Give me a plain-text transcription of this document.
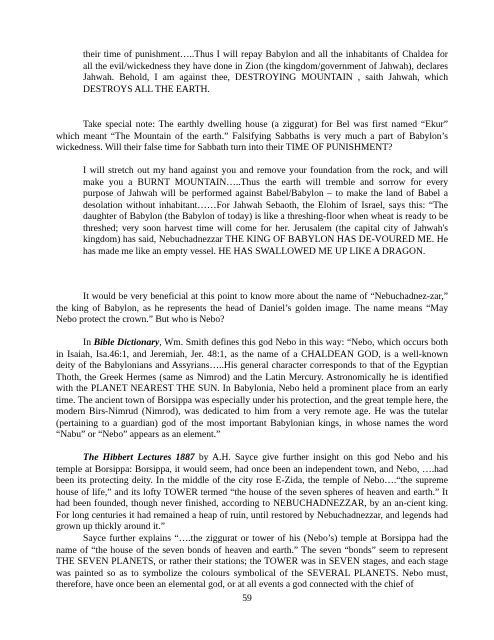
their time of punishment…..Thus I will repay Babylon and all the inhabitants of Chaldea for all the evil/wickedness they have done in Zion (the kingdom/government of Jahwah), declares Jahwah. Behold, I am against thee, DESTROYING MOUNTAIN , saith Jahwah, which DESTROYS ALL THE EARTH.

Take special note: The earthly dwelling house (a ziggurat) for Bel was first named “Ekur” which meant “The Mountain of the earth.” Falsifying Sabbaths is very much a part of Babylon’s wickedness. Will their false time for Sabbath turn into their TIME OF PUNISHMENT?

I will stretch out my hand against you and remove your foundation from the rock, and will make you a BURNT MOUNTAIN…..Thus the earth will tremble and sorrow for every purpose of Jahwah will be performed against Babel/Babylon – to make the land of Babel a desolation without inhabitant……For Jahwah Sebaoth, the Elohim of Israel, says this: “The daughter of Babylon (the Babylon of today) is like a threshing-floor when wheat is ready to be threshed; very soon harvest time will come for her. Jerusalem (the capital city of Jahwah's kingdom) has said, Nebuchadnezzar THE KING OF BABYLON HAS DE-VOURED ME. He has made me like an empty vessel. HE HAS SWALLOWED ME UP LIKE A DRAGON.

It would be very beneficial at this point to know more about the name of “Nebuchadnez-zar,” the king of Babylon, as he represents the head of Daniel’s golden image. The name means “May Nebo protect the crown.” But who is Nebo?

In Bible Dictionary, Wm. Smith defines this god Nebo in this way: “Nebo, which occurs both in Isaiah, Isa.46:1, and Jeremiah, Jer. 48:1, as the name of a CHALDEAN GOD, is a well-known deity of the Babylonians and Assyrians…..His general character corresponds to that of the Egyptian Thoth, the Greek Hermes (same as Nimrod) and the Latin Mercury. Astronomically he is identified with the PLANET NEAREST THE SUN. In Babylonia, Nebo held a prominent place from an early time. The ancient town of Borsippa was especially under his protection, and the great temple here, the modern Birs-Nimrud (Nimrod), was dedicated to him from a very remote age. He was the tutelar (pertaining to a guardian) god of the most important Babylonian kings, in whose names the word “Nabu” or “Nebo” appears as an element.”

The Hibbert Lectures 1887 by A.H. Sayce give further insight on this god Nebo and his temple at Borsippa: Borsippa, it would seem, had once been an independent town, and Nebo, ….had been its protecting deity. In the middle of the city rose E-Zida, the temple of Nebo….“the supreme house of life,” and its lofty TOWER termed “the house of the seven spheres of heaven and earth.” It had been founded, though never finished, according to NEBUCHADNEZZAR, by an an-cient king. For long centuries it had remained a heap of ruin, until restored by Nebuchadnezzar, and legends had grown up thickly around it.”

Sayce further explains “….the ziggurat or tower of his (Nebo’s) temple at Borsippa had the name of “the house of the seven bonds of heaven and earth.” The seven “bonds” seem to represent THE SEVEN PLANETS, or rather their stations; the TOWER was in SEVEN stages, and each stage was painted so as to symbolize the colours symbolical of the SEVERAL PLANETS. Nebo must, therefore, have once been an elemental god, or at all events a god connected with the chief of

59
